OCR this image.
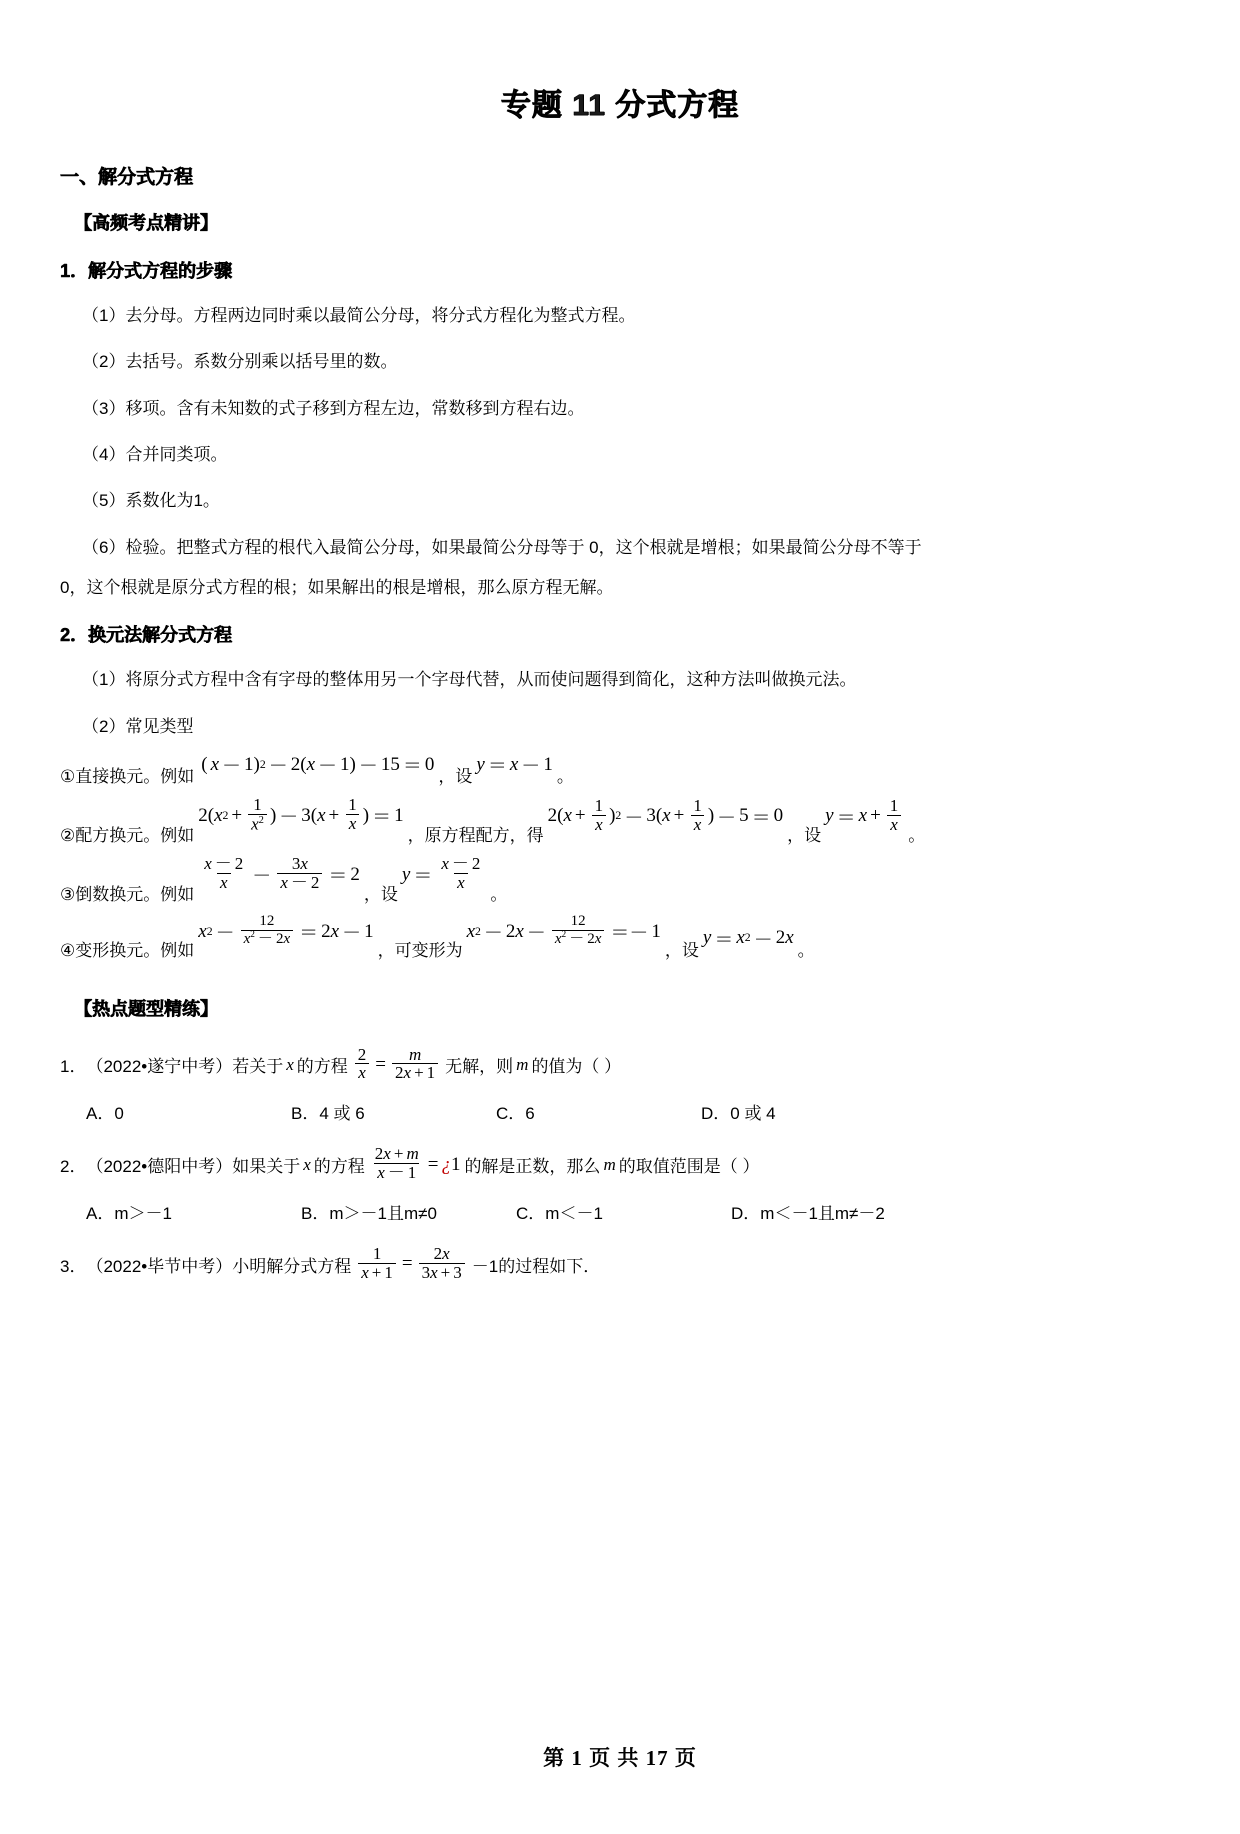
专题 11 分式方程
一、解分式方程
【高频考点精讲】
1．解分式方程的步骤
（1）去分母。方程两边同时乘以最简公分母，将分式方程化为整式方程。
（2）去括号。系数分别乘以括号里的数。
（3）移项。含有未知数的式子移到方程左边，常数移到方程右边。
（4）合并同类项。
（5）系数化为1。
（6）检验。把整式方程的根代入最简公分母，如果最简公分母等于 0，这个根就是增根；如果最简公分母不等于
0，这个根就是原分式方程的根；如果解出的根是增根，那么原方程无解。
2．换元法解分式方程
（1）将原分式方程中含有字母的整体用另一个字母代替，从而使问题得到简化，这种方法叫做换元法。
（2）常见类型
①直接换元。例如
( x － 1) 2 － 2( x － 1) － 15 ＝ 0
，设
y ＝ x － 1
。
②配方换元。例如
2( x $2 + \frac{1}{x^2}$ ) － 3( $x + \frac{1}{x}$ ) ＝ 1
，原方程配方，得
2( $x + \frac{1}{x}$ ) 2 － 3( $x + \frac{1}{x}$ ) － 5 ＝ 0
，设
$y = x + \frac{1}{x}$
。
③倒数换元。例如
$\frac{x - 2}{x} - \frac{3x}{x - 2} = 2$
，设
$y = \frac{x - 2}{x}$
。
④变形换元。例如
x $2 - \frac{12}{x^2 - 2x} = 2$ x － 1
，可变形为
x 2 － 2 $x - \frac{12}{x^2 - 2x} =- 1$
，设
y ＝ x 2 － 2 x
。
【热点题型精练】
1． （2022•遂宁中考） 若关于 x 的方程 $\frac{2}{x} = \frac{m}{2x + 1}$ 无解，则 m 的值为（ ）
A．0	B．4 或 6	C．6	D．0 或 4
2． （2022•德阳中考） 如果关于 x 的方程 $\frac{2x + m}{x - 1}$ = ¿ 1 的解是正数，那么 m 的取值范围是（ ）
A．m＞－1	B．m＞－1且m≠0	C．m＜－1	D．m＜－1且m≠－2
3． （2022•毕节中考） 小明解分式方程 $\frac{1}{x + 1} = \frac{2x}{3x + 3} -1$的过程如下．
第 1 页 共 17 页
